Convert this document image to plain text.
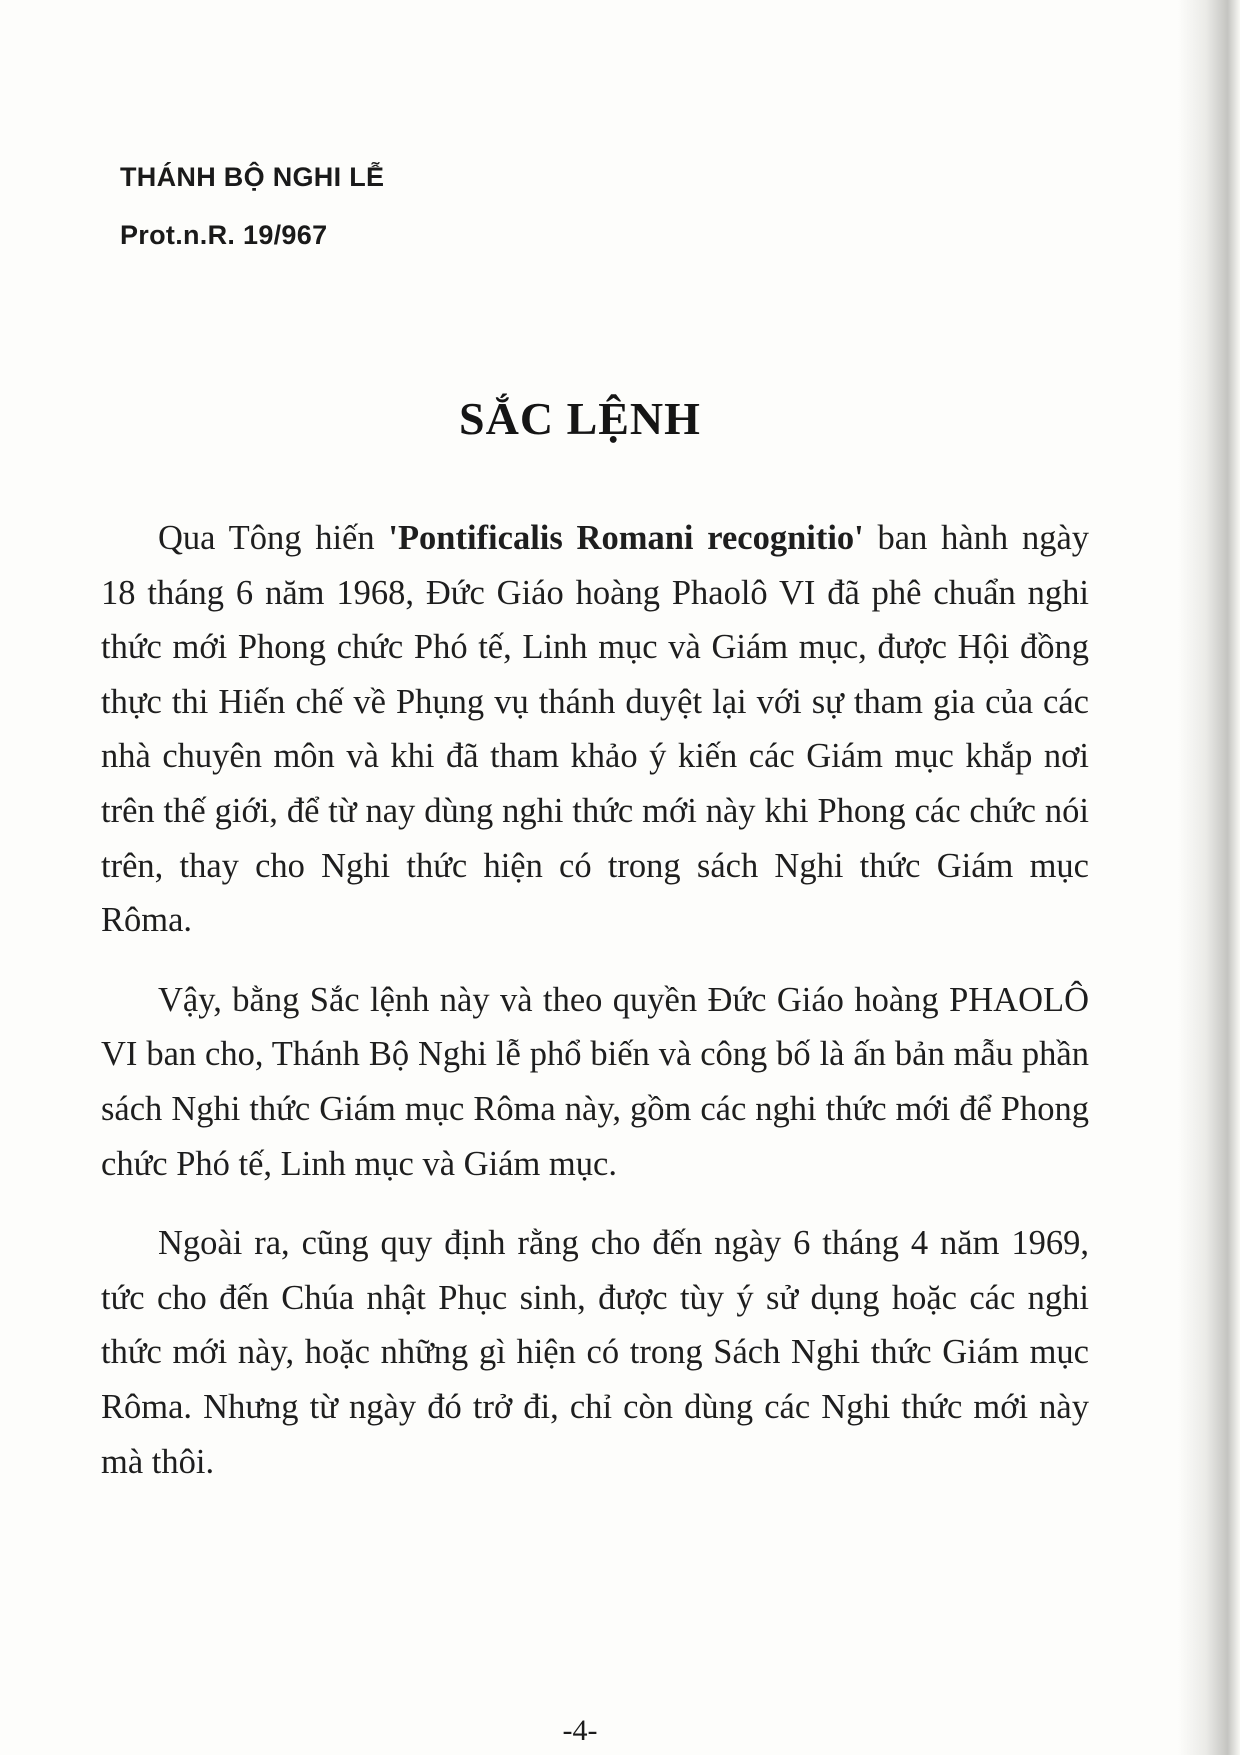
THÁNH BỘ NGHI LỄ
Prot.n.R. 19/967
SẮC LỆNH

Qua Tông hiến 'Pontificalis Romani recognitio' ban hành ngày 18 tháng 6 năm 1968, Đức Giáo hoàng Phaolô VI đã phê chuẩn nghi thức mới Phong chức Phó tế, Linh mục và Giám mục, được Hội đồng thực thi Hiến chế về Phụng vụ thánh duyệt lại với sự tham gia của các nhà chuyên môn và khi đã tham khảo ý kiến các Giám mục khắp nơi trên thế giới, để từ nay dùng nghi thức mới này khi Phong các chức nói trên, thay cho Nghi thức hiện có trong sách Nghi thức Giám mục Rôma.

Vậy, bằng Sắc lệnh này và theo quyền Đức Giáo hoàng PHAOLÔ VI ban cho, Thánh Bộ Nghi lễ phổ biến và công bố là ấn bản mẫu phần sách Nghi thức Giám mục Rôma này, gồm các nghi thức mới để Phong chức Phó tế, Linh mục và Giám mục.

Ngoài ra, cũng quy định rằng cho đến ngày 6 tháng 4 năm 1969, tức cho đến Chúa nhật Phục sinh, được tùy ý sử dụng hoặc các nghi thức mới này, hoặc những gì hiện có trong Sách Nghi thức Giám mục Rôma. Nhưng từ ngày đó trở đi, chỉ còn dùng các Nghi thức mới này mà thôi.

-4-
